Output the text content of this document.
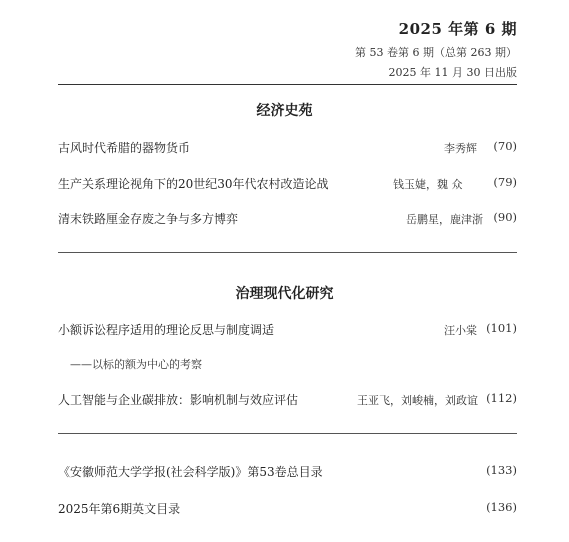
2025 年第 6 期
第 53 卷第 6 期（总第 263 期）
2025 年 11 月 30 日出版
经济史苑
古风时代希腊的器物货币	李秀辉 (70)
生产关系理论视角下的20世纪30年代农村改造论战	钱玉婕，魏 众	(79)
清末铁路厘金存废之争与多方博弈	岳鹏星，鹿津浙 (90)
治理现代化研究
小额诉讼程序适用的理论反思与制度调适	汪小棠 (101)
——以标的额为中心的考察
人工智能与企业碳排放：影响机制与效应评估	王亚飞，刘峻楠，刘政谊 (112)
《安徽师范大学学报(社会科学版)》第53卷总目录	(133)
2025年第6期英文目录	(136)
